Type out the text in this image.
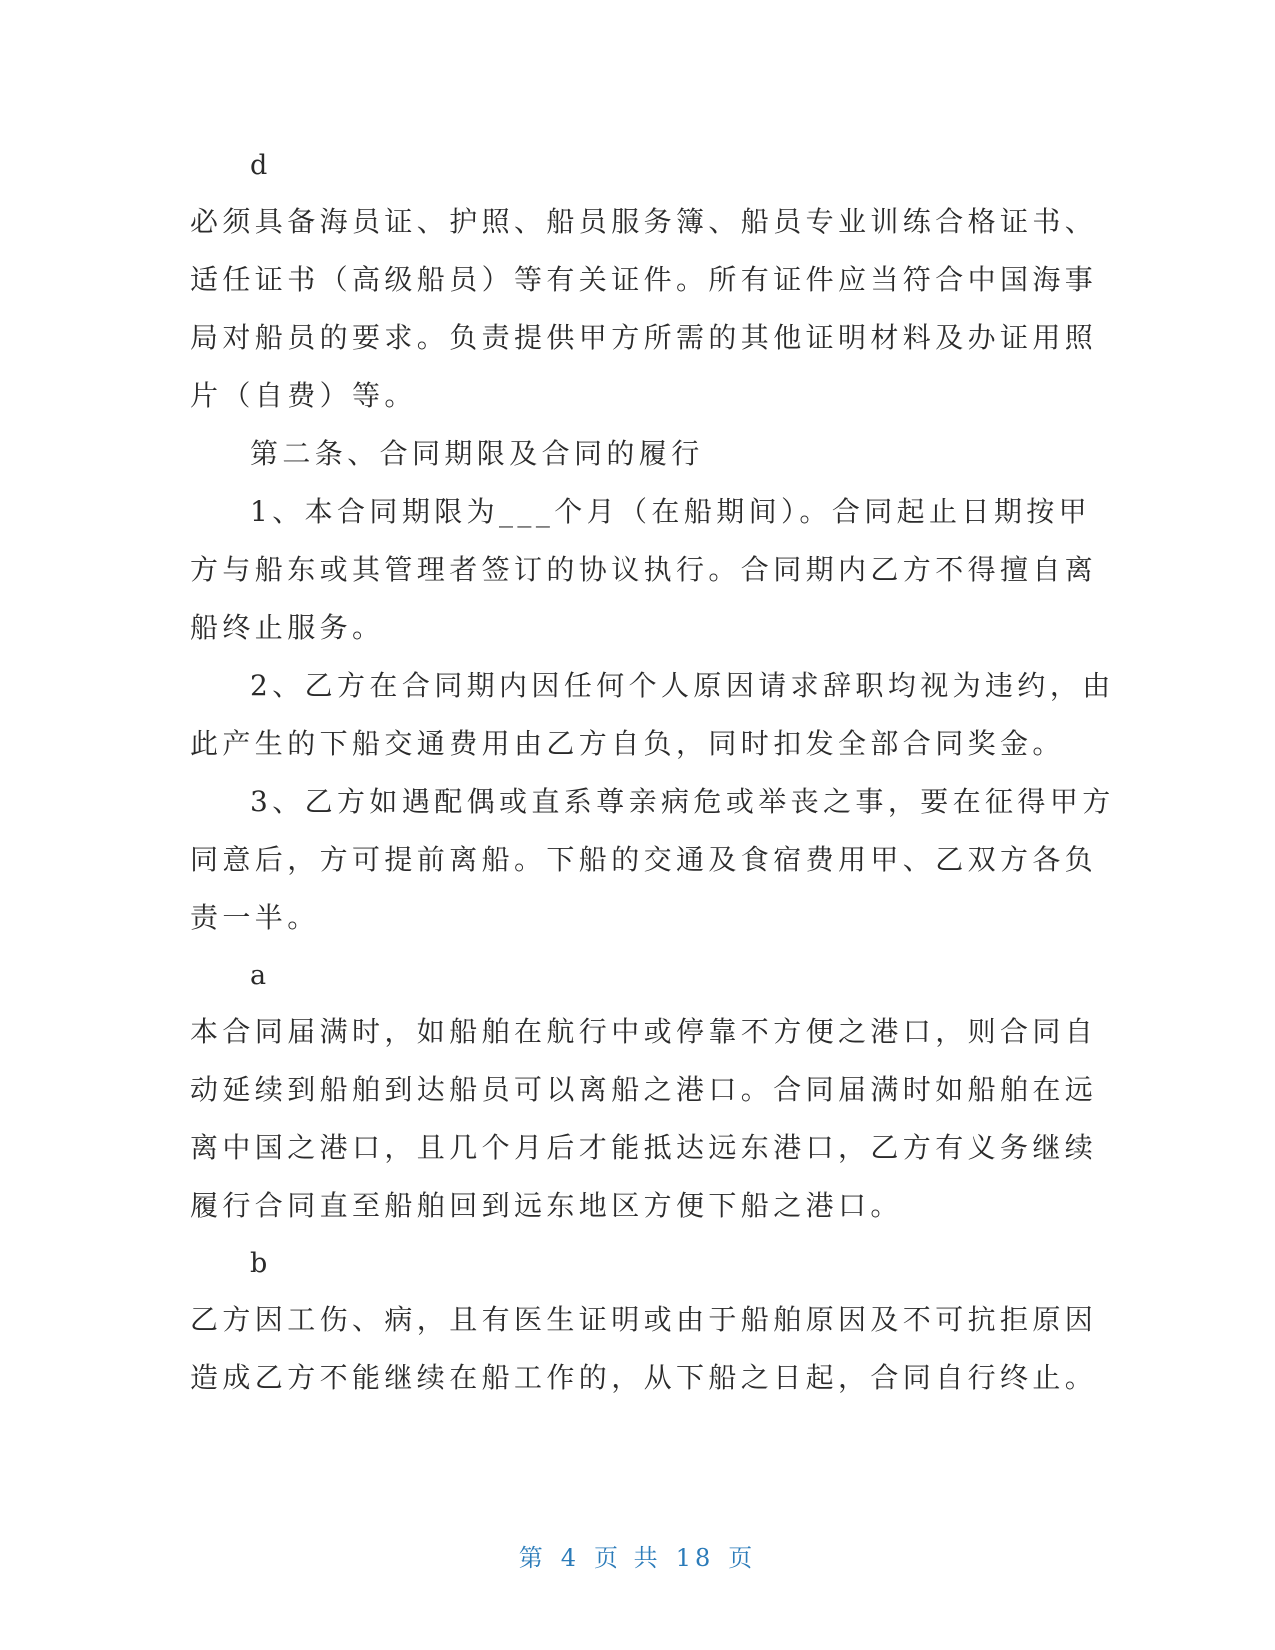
d
必须具备海员证、护照、船员服务簿、船员专业训练合格证书、
适任证书（高级船员）等有关证件。所有证件应当符合中国海事
局对船员的要求。负责提供甲方所需的其他证明材料及办证用照
片（自费）等。
第二条、合同期限及合同的履行
1、本合同期限为___个月（在船期间）。合同起止日期按甲
方与船东或其管理者签订的协议执行。合同期内乙方不得擅自离
船终止服务。
2、乙方在合同期内因任何个人原因请求辞职均视为违约，由
此产生的下船交通费用由乙方自负，同时扣发全部合同奖金。
3、乙方如遇配偶或直系尊亲病危或举丧之事，要在征得甲方
同意后，方可提前离船。下船的交通及食宿费用甲、乙双方各负
责一半。
a
本合同届满时，如船舶在航行中或停靠不方便之港口，则合同自
动延续到船舶到达船员可以离船之港口。合同届满时如船舶在远
离中国之港口，且几个月后才能抵达远东港口，乙方有义务继续
履行合同直至船舶回到远东地区方便下船之港口。
b
乙方因工伤、病，且有医生证明或由于船舶原因及不可抗拒原因
造成乙方不能继续在船工作的，从下船之日起，合同自行终止。
第 4 页 共 18 页
